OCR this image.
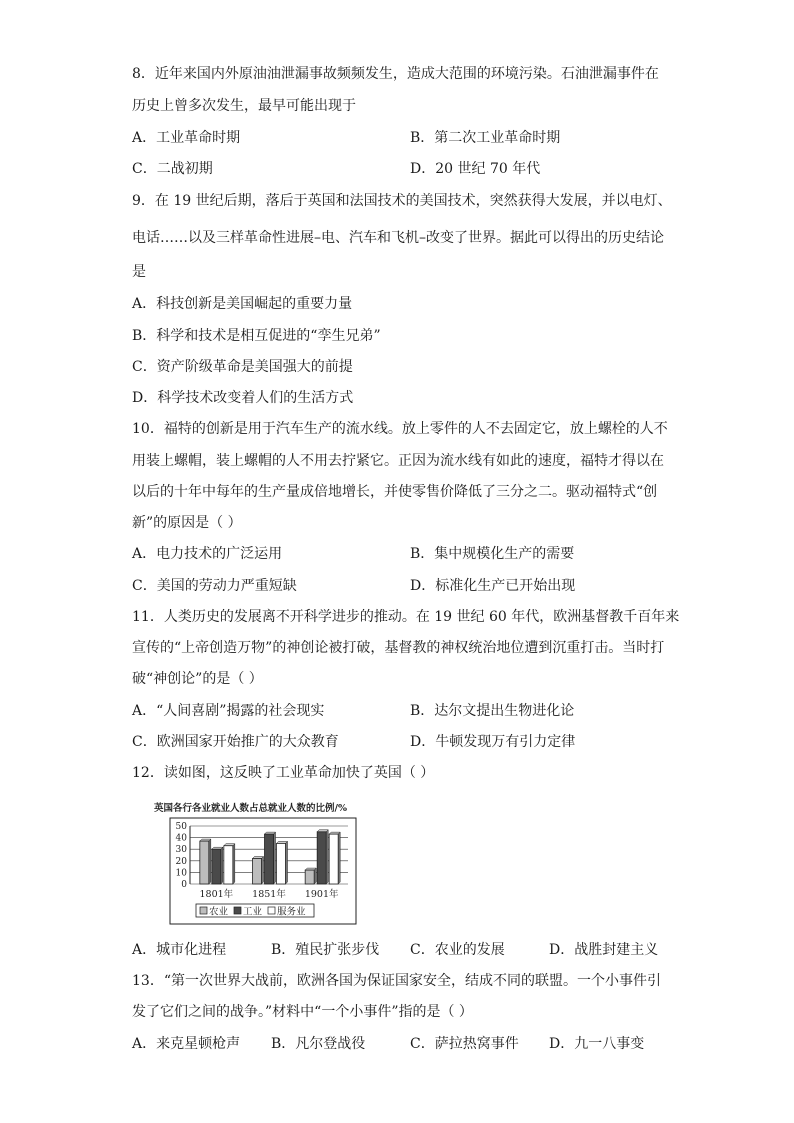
8．近年来国内外原油油泄漏事故频频发生，造成大范围的环境污染。石油泄漏事件在
历史上曾多次发生，最早可能出现于
A．工业革命时期	B．第二次工业革命时期
C．二战初期	D．20 世纪 70 年代
9．在 19 世纪后期，落后于英国和法国技术的美国技术，突然获得大发展，并以电灯、
电话……以及三样革命性进展–电、汽车和飞机–改变了世界。据此可以得出的历史结论
是
A．科技创新是美国崛起的重要力量
B．科学和技术是相互促进的“孪生兄弟”
C．资产阶级革命是美国强大的前提
D．科学技术改变着人们的生活方式
10．福特的创新是用于汽车生产的流水线。放上零件的人不去固定它，放上螺栓的人不
用装上螺帽，装上螺帽的人不用去拧紧它。正因为流水线有如此的速度，福特才得以在
以后的十年中每年的生产量成倍地增长，并使零售价降低了三分之二。驱动福特式“创
新”的原因是（ ）
A．电力技术的广泛运用	B．集中规模化生产的需要
C．美国的劳动力严重短缺	D．标准化生产已开始出现
11．人类历史的发展离不开科学进步的推动。在 19 世纪 60 年代，欧洲基督教千百年来
宣传的“上帝创造万物”的神创论被打破，基督教的神权统治地位遭到沉重打击。当时打
破“神创论”的是（ ）
A．“人间喜剧”揭露的社会现实	B．达尔文提出生物进化论
C．欧洲国家开始推广的大众教育	D．牛顿发现万有引力定律
12．读如图，这反映了工业革命加快了英国（ ）
英国各行各业就业人数占总就业人数的比例/%
0
10
20
30
40
50
1801年 1851年 1901年
农业 工业 服务业
A．城市化进程	B．殖民扩张步伐 C．农业的发展	D．战胜封建主义
13．“第一次世界大战前，欧洲各国为保证国家安全，结成不同的联盟。一个小事件引
发了它们之间的战争。”材料中“一个小事件”指的是（ ）
A．来克星顿枪声 B．凡尔登战役	C．萨拉热窝事件 D．九一八事变
